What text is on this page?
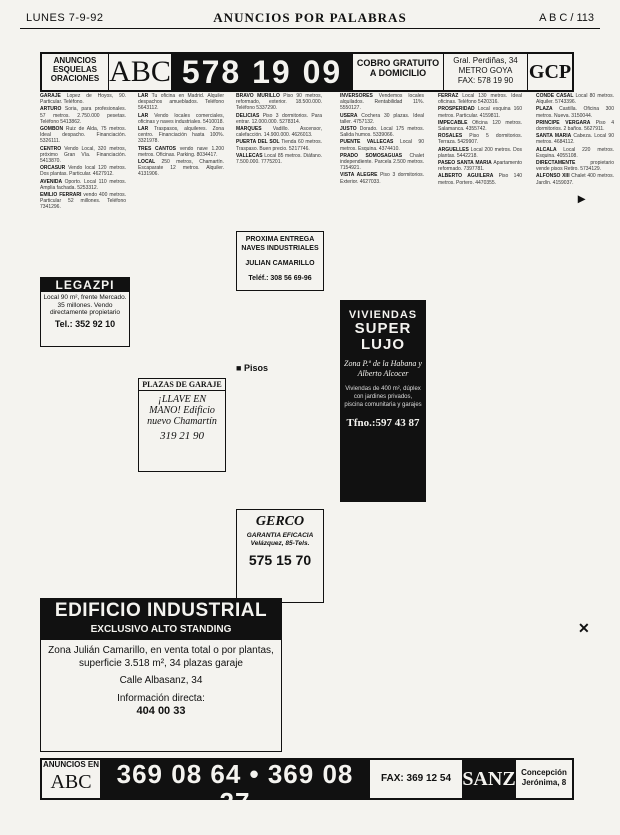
LUNES 7-9-92	ANUNCIOS POR PALABRAS	A B C / 113
ANUNCIOS ESQUELAS ORACIONES ABC 578 19 09	COBRO GRATUITO A DOMICILIO
Gral. Perdiñas, 34 METRO GOYA
FAX: 578 19 90 GCP
GARAJE Lopez de Hoyos, 90. Particular. Teléfono.
ARTURO Soria, para profesionales. 57 metros. 2.750.000 pesetas. Teléfono 5413862.
GOMBON Ruiz de Alda, 75 metros. Ideal despacho. Financiación. 5326111.
CENTRO Vendo Local, 320 metros, próximo Gran Vía. Financiación. 5413870.
ORCASUR Vendo local 120 metros. Dos plantas. Particular. 4627912.
AVENIDA Oporto. Local 110 metros. Amplia fachada. 5253312.
EMILIO FERRARI vendo 400 metros. Particular 52 millones. Teléfono 7341296.
LAR Tu oficina en Madrid. Alquiler despachos amueblados. Teléfono 5643112.
LAR Vendo locales comerciales, oficinas y naves industriales. 5410018.
LAR Traspasos, alquileres. Zona centro. Financiación hasta 100%. 3321978.
TRES CANTOS vendo nave 1.200 metros. Oficinas. Parking. 8034417.
LOCAL 250 metros, Chamartín. Escaparate 12 metros. Alquiler. 4131906.
BRAVO MURILLO Piso 90 metros, reformado, exterior. 18.500.000. Teléfono 5337290.
DELICIAS Piso 3 dormitorios. Para entrar. 12.000.000. 5278314.
MARQUES Vadillo. Ascensor, calefacción. 14.900.000. 4626013.
PUERTA DEL SOL Tienda 60 metros. Traspaso. Buen precio. 5217746.
VALLECAS Local 85 metros. Diáfano. 7.500.000. 7775201.
INVERSORES Vendemos locales alquilados. Rentabilidad 11%. 5550127.
USERA Cochera 30 plazas. Ideal taller. 4757132.
JUSTO Dorado. Local 175 metros. Salida humos. 5339066.
PUENTE VALLECAS Local 90 metros. Esquina. 4374410.
PRADO SOMOSAGUAS Chalet independiente. Parcela 2.500 metros. 7154921.
VISTA ALEGRE Piso 3 dormitorios. Exterior. 4627033.
FERRAZ Local 130 metros. Ideal oficinas. Teléfono 5420316.
PROSPERIDAD Local esquina 160 metros. Particular. 4159811.
IMPECABLE Oficina 120 metros. Salamanca. 4355742.
ROSALES Piso 5 dormitorios. Terraza. 5429907.
ARGUELLES Local 200 metros. Dos plantas. 5442218.
PASEO SANTA MARIA Apartamento reformado. 7397781.
ALBERTO AGUILERA Piso 140 metros. Portero. 4470355.
CONDE CASAL Local 80 metros. Alquiler. 5743396.
PLAZA Castilla. Oficina 300 metros. Nueva. 3150044.
PRINCIPE VERGARA Piso 4 dormitorios. 2 baños. 5627911.
SANTA MARIA Cabeza. Local 90 metros. 4684112.
ALCALA Local 220 metros. Esquina. 4055108.
DIRECTAMENTE propietario vende pisos Retiro. 5734129.
ALFONSO XIII Chalet 400 metros. Jardín. 4159037.
LEGAZPI
Local 90 m², frente Mercado. 35 millones. Vendo directamente propietario
Tel.: 352 92 10
PLAZAS DE GARAJE
¡LLAVE EN MANO! Edificio nuevo Chamartín
319 21 90
PROXIMA ENTREGA NAVES INDUSTRIALES
JULIAN CAMARILLO
Teléf.: 308 56 69-96
■ Pisos
GERCO
GARANTIA EFICACIA Velázquez, 85-Tels.
575 15 70
VIVIENDAS
SUPER LUJO
Zona P.º de la Habana y Alberto Alcocer
Viviendas de 400 m², dúplex con jardines privados, piscina comunitaria y garajes
Tfno.:597 43 87
EDIFICIO INDUSTRIAL
EXCLUSIVO ALTO STANDING
Zona Julián Camarillo, en venta total o por plantas, superficie 3.518 m², 34 plazas garaje
Calle Albasanz, 34
Información directa:
404 00 33
ANUNCIOS EN
ABC 369 08 64 • 369 08 27
SERVICIO GRATUITO DE COBRO A DOMICILIO
FAX: 369 12 54 SANZ Concepción Jerónima, 8
▸
✕
